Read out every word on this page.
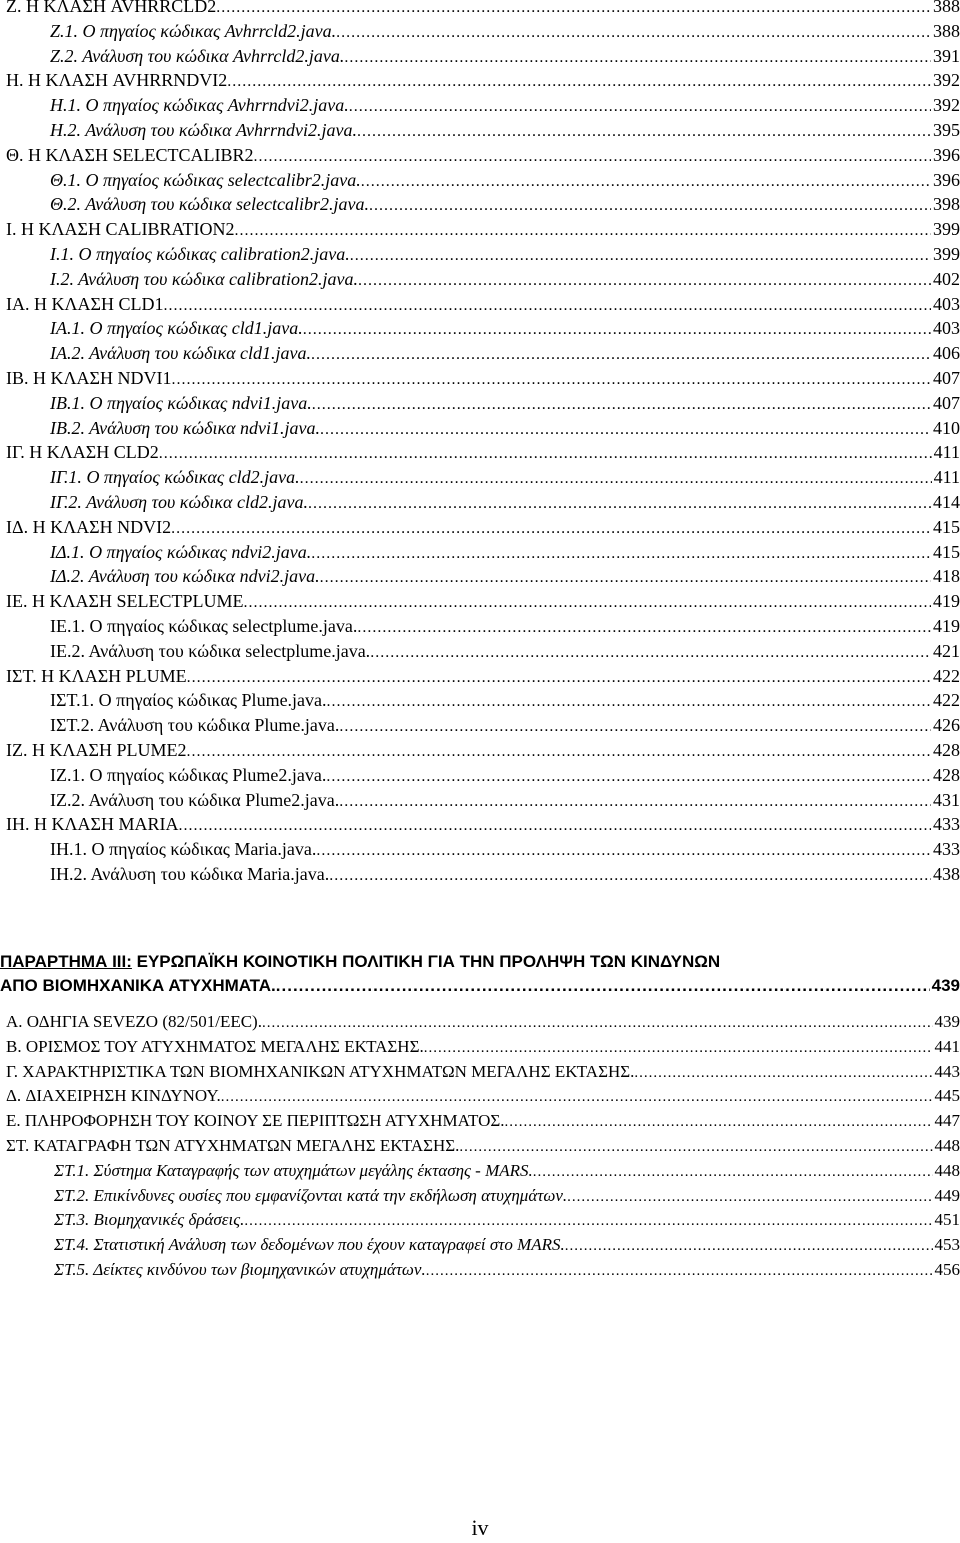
Ζ. Η ΚΛΑΣΗ AVHRRCLD2 .....	388
Ζ.1. Ο πηγαίος κώδικας Avhrrcld2.java. .....	388
Ζ.2. Ανάλυση του κώδικα Avhrrcld2.java. .....	391
Η. Η ΚΛΑΣΗ AVHRRNDVI2 .....	392
Η.1. Ο πηγαίος κώδικας Avhrrndvi2.java. .....	392
Η.2. Ανάλυση του κώδικα Avhrrndvi2.java. .....	395
Θ. Η ΚΛΑΣΗ SELECTCALIBR2 .....	396
Θ.1. Ο πηγαίος κώδικας selectcalibr2.java. .....	396
Θ.2. Ανάλυση του κώδικα selectcalibr2.java. .....	398
Ι. Η ΚΛΑΣΗ CALIBRATION2 .....	399
Ι.1. Ο πηγαίος κώδικας calibration2.java. .....	399
Ι.2. Ανάλυση του κώδικα calibration2.java. .....	402
ΙΑ. Η ΚΛΑΣΗ CLD1 .....	403
ΙΑ.1. Ο πηγαίος κώδικας cld1.java. .....	403
ΙΑ.2. Ανάλυση του κώδικα cld1.java. .....	406
ΙΒ. Η ΚΛΑΣΗ NDVI1 .....	407
ΙΒ.1. Ο πηγαίος κώδικας ndvi1.java. .....	407
ΙΒ.2. Ανάλυση του κώδικα ndvi1.java. .....	410
ΙΓ. Η ΚΛΑΣΗ CLD2 .....	411
ΙΓ.1. Ο πηγαίος κώδικας cld2.java. .....	411
ΙΓ.2. Ανάλυση του κώδικα cld2.java. .....	414
ΙΔ. Η ΚΛΑΣΗ NDVI2 .....	415
ΙΔ.1. Ο πηγαίος κώδικας ndvi2.java. .....	415
ΙΔ.2. Ανάλυση του κώδικα ndvi2.java. .....	418
ΙΕ. Η ΚΛΑΣΗ SELECTPLUME .....	419
ΙΕ.1. Ο πηγαίος κώδικας selectplume.java. .....	419
ΙΕ.2. Ανάλυση του κώδικα selectplume.java. .....	421
ΙΣΤ. Η ΚΛΑΣΗ PLUME .....	422
ΙΣΤ.1. Ο πηγαίος κώδικας Plume.java. .....	422
ΙΣΤ.2. Ανάλυση του κώδικα Plume.java. .....	426
ΙΖ. Η ΚΛΑΣΗ PLUME2 .....	428
ΙΖ.1. Ο πηγαίος κώδικας Plume2.java. .....	428
ΙΖ.2. Ανάλυση του κώδικα Plume2.java. .....	431
ΙΗ. Η ΚΛΑΣΗ MARIA .....	433
ΙΗ.1. Ο πηγαίος κώδικας Maria.java. .....	433
ΙΗ.2. Ανάλυση του κώδικα Maria.java. .....	438
ΠΑΡΑΡΤΗΜΑ ΙΙΙ: ΕΥΡΩΠΑΪΚΗ ΚΟΙΝΟΤΙΚΗ ΠΟΛΙΤΙΚΗ ΓΙΑ ΤΗΝ ΠΡΟΛΗΨΗ ΤΩΝ ΚΙΝΔΥΝΩΝ
ΑΠΟ ΒΙΟΜΗΧΑΝΙΚΑ ΑΤΥΧΗΜΑΤΑ. .....	439
Α. ΟΔΗΓΙΑ SEVEZO (82/501/EEC). .....	439
Β. ΟΡΙΣΜΟΣ ΤΟΥ ΑΤΥΧΗΜΑΤΟΣ ΜΕΓΑΛΗΣ ΕΚΤΑΣΗΣ. .....	441
Γ. ΧΑΡΑΚΤΗΡΙΣΤΙΚΑ ΤΩΝ ΒΙΟΜΗΧΑΝΙΚΩΝ ΑΤΥΧΗΜΑΤΩΝ ΜΕΓΑΛΗΣ ΕΚΤΑΣΗΣ. .....	443
Δ. ΔΙΑΧΕΙΡΗΣΗ ΚΙΝΔΥΝΟΥ. .....	445
Ε. ΠΛΗΡΟΦΟΡΗΣΗ ΤΟΥ ΚΟΙΝΟΥ ΣΕ ΠΕΡΙΠΤΩΣΗ ΑΤΥΧΗΜΑΤΟΣ. .....	447
ΣΤ. ΚΑΤΑΓΡΑΦΗ ΤΩΝ ΑΤΥΧΗΜΑΤΩΝ ΜΕΓΑΛΗΣ ΕΚΤΑΣΗΣ. .....	448
ΣΤ.1. Σύστημα Καταγραφής των ατυχημάτων μεγάλης έκτασης - MARS. .....	448
ΣΤ.2. Επικίνδυνες ουσίες που εμφανίζονται κατά την εκδήλωση ατυχημάτων. .....	449
ΣΤ.3. Βιομηχανικές δράσεις. .....	451
ΣΤ.4. Στατιστική Ανάλυση των δεδομένων που έχουν καταγραφεί στο MARS. .....	453
ΣΤ.5. Δείκτες κινδύνου των βιομηχανικών ατυχημάτων. .....	456
iv
